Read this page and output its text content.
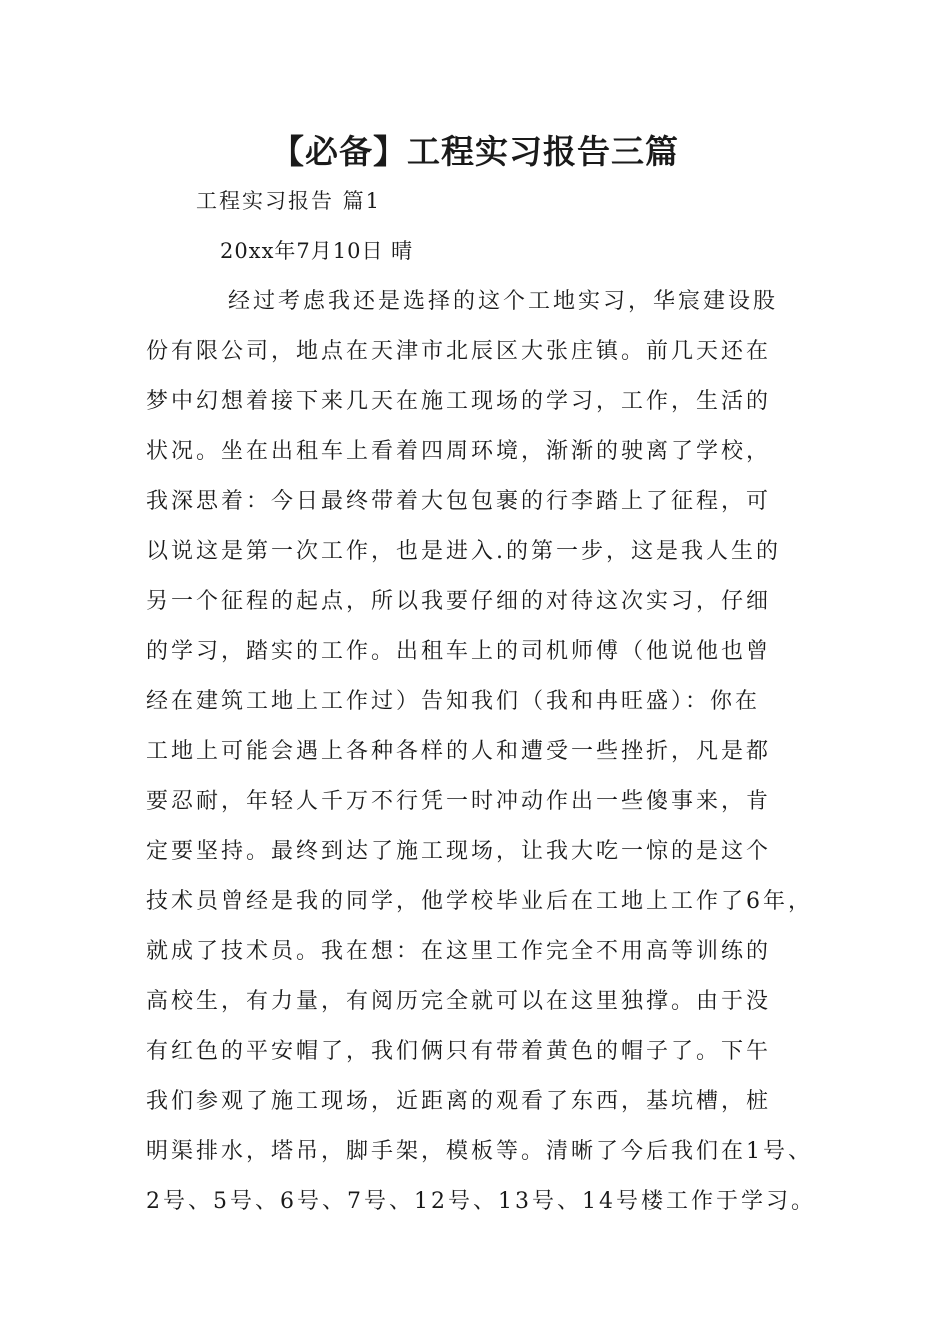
【必备】工程实习报告三篇

工程实习报告 篇1

20xx年7月10日 晴

经过考虑我还是选择的这个工地实习，华宸建设股
份有限公司，地点在天津市北辰区大张庄镇。前几天还在
梦中幻想着接下来几天在施工现场的学习，工作，生活的
状况。坐在出租车上看着四周环境，渐渐的驶离了学校，
我深思着：今日最终带着大包包裹的行李踏上了征程，可
以说这是第一次工作，也是进入.的第一步，这是我人生的
另一个征程的起点，所以我要仔细的对待这次实习，仔细
的学习，踏实的工作。出租车上的司机师傅（他说他也曾
经在建筑工地上工作过）告知我们（我和冉旺盛）：你在
工地上可能会遇上各种各样的人和遭受一些挫折，凡是都
要忍耐，年轻人千万不行凭一时冲动作出一些傻事来，肯
定要坚持。最终到达了施工现场，让我大吃一惊的是这个
技术员曾经是我的同学，他学校毕业后在工地上工作了6年，
就成了技术员。我在想：在这里工作完全不用高等训练的
高校生，有力量，有阅历完全就可以在这里独撑。由于没
有红色的平安帽了，我们俩只有带着黄色的帽子了。下午
我们参观了施工现场，近距离的观看了东西，基坑槽，桩
明渠排水，塔吊，脚手架，模板等。清晰了今后我们在1号、
2号、5号、6号、7号、12号、13号、14号楼工作于学习。
